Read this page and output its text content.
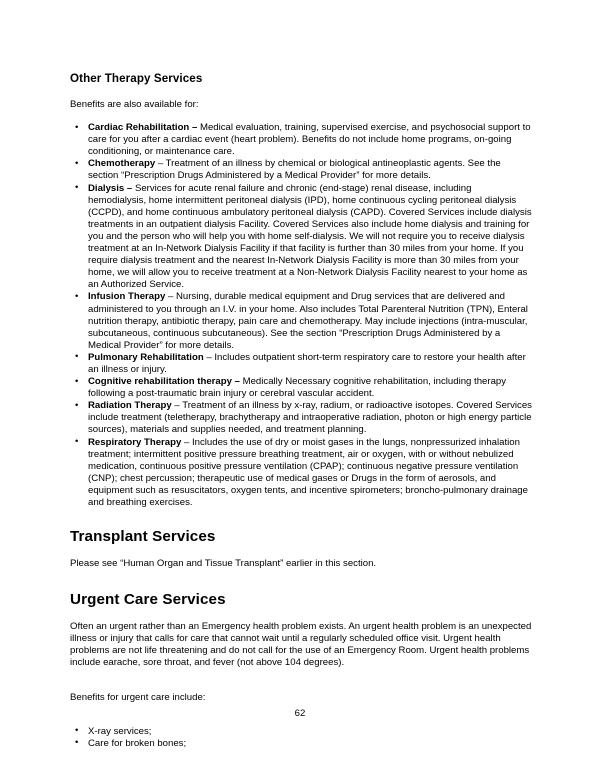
Other Therapy Services
Benefits are also available for:
• Cardiac Rehabilitation – Medical evaluation, training, supervised exercise, and psychosocial support to care for you after a cardiac event (heart problem). Benefits do not include home programs, on-going conditioning, or maintenance care.
• Chemotherapy – Treatment of an illness by chemical or biological antineoplastic agents. See the section “Prescription Drugs Administered by a Medical Provider” for more details.
• Dialysis – Services for acute renal failure and chronic (end-stage) renal disease, including hemodialysis, home intermittent peritoneal dialysis (IPD), home continuous cycling peritoneal dialysis (CCPD), and home continuous ambulatory peritoneal dialysis (CAPD). Covered Services include dialysis treatments in an outpatient dialysis Facility. Covered Services also include home dialysis and training for you and the person who will help you with home self-dialysis. We will not require you to receive dialysis treatment at an In-Network Dialysis Facility if that facility is further than 30 miles from your home. If you require dialysis treatment and the nearest In-Network Dialysis Facility is more than 30 miles from your home, we will allow you to receive treatment at a Non-Network Dialysis Facility nearest to your home as an Authorized Service.
• Infusion Therapy – Nursing, durable medical equipment and Drug services that are delivered and administered to you through an I.V. in your home. Also includes Total Parenteral Nutrition (TPN), Enteral nutrition therapy, antibiotic therapy, pain care and chemotherapy. May include injections (intra-muscular, subcutaneous, continuous subcutaneous). See the section “Prescription Drugs Administered by a Medical Provider” for more details.
• Pulmonary Rehabilitation – Includes outpatient short-term respiratory care to restore your health after an illness or injury.
• Cognitive rehabilitation therapy – Medically Necessary cognitive rehabilitation, including therapy following a post-traumatic brain injury or cerebral vascular accident.
• Radiation Therapy – Treatment of an illness by x-ray, radium, or radioactive isotopes. Covered Services include treatment (teletherapy, brachytherapy and intraoperative radiation, photon or high energy particle sources), materials and supplies needed, and treatment planning.
• Respiratory Therapy – Includes the use of dry or moist gases in the lungs, nonpressurized inhalation treatment; intermittent positive pressure breathing treatment, air or oxygen, with or without nebulized medication, continuous positive pressure ventilation (CPAP); continuous negative pressure ventilation (CNP); chest percussion; therapeutic use of medical gases or Drugs in the form of aerosols, and equipment such as resuscitators, oxygen tents, and incentive spirometers; broncho-pulmonary drainage and breathing exercises.
Transplant Services
Please see “Human Organ and Tissue Transplant” earlier in this section.
Urgent Care Services
Often an urgent rather than an Emergency health problem exists. An urgent health problem is an unexpected illness or injury that calls for care that cannot wait until a regularly scheduled office visit. Urgent health problems are not life threatening and do not call for the use of an Emergency Room. Urgent health problems include earache, sore throat, and fever (not above 104 degrees).
Benefits for urgent care include:
• X-ray services;
• Care for broken bones;
62
